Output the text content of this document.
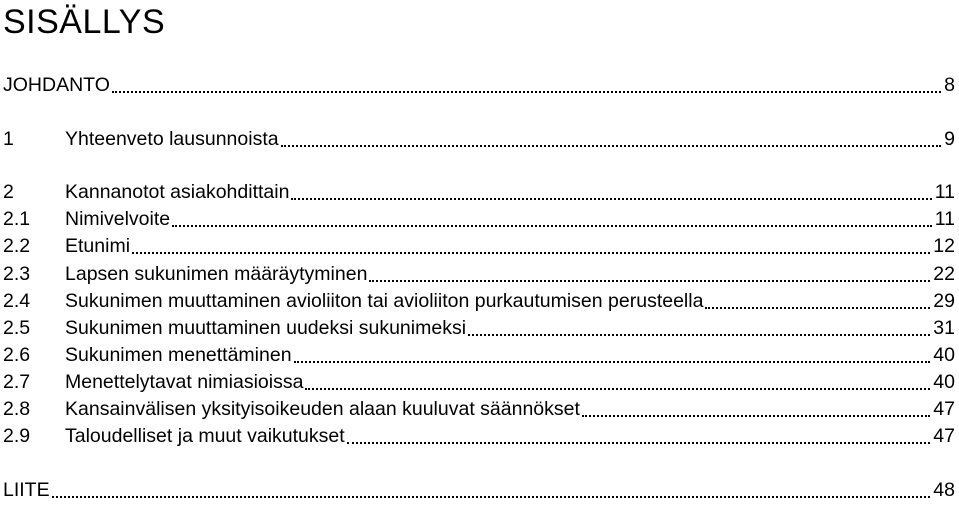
SISÄLLYS
JOHDANTO	8
1	Yhteenveto lausunnoista	9
2	Kannanotot asiakohdittain	11
2.1	Nimivelvoite	11
2.2	Etunimi	12
2.3	Lapsen sukunimen määräytyminen	22
2.4	Sukunimen muuttaminen avioliiton tai avioliiton purkautumisen perusteella	29
2.5	Sukunimen muuttaminen uudeksi sukunimeksi	31
2.6	Sukunimen menettäminen	40
2.7	Menettelytavat nimiasioissa	40
2.8	Kansainvälisen yksityisoikeuden alaan kuuluvat säännökset	47
2.9	Taloudelliset ja muut vaikutukset	47
LIITE	48
